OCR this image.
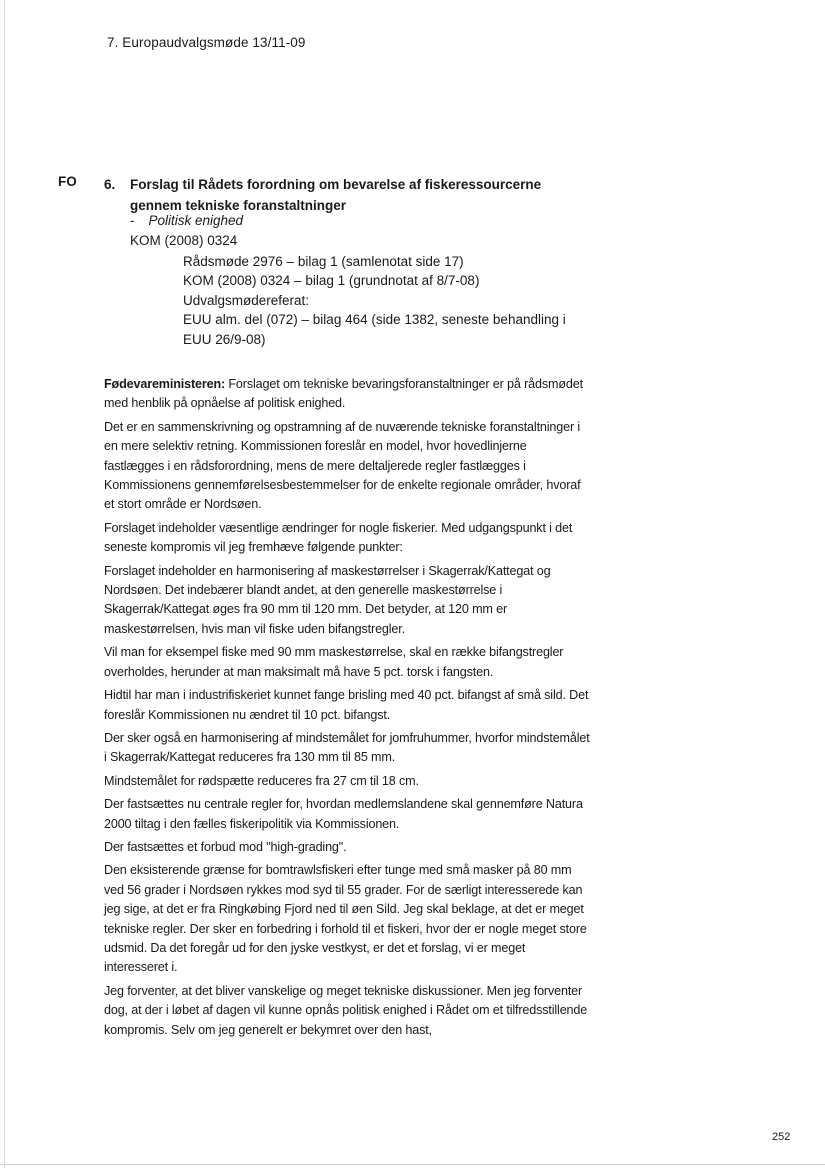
7. Europaudvalgsmøde 13/11-09
FO 6.	Forslag til Rådets forordning om bevarelse af fiskeressourcerne gennem tekniske foranstaltninger
- Politisk enighed
KOM (2008) 0324
Rådsmøde 2976 – bilag 1 (samlenotat side 17)
KOM (2008) 0324 – bilag 1 (grundnotat af 8/7-08)
Udvalgsmødereferat:
EUU alm. del (072) – bilag 464 (side 1382, seneste behandling i
EUU 26/9-08)

Fødevareministeren: Forslaget om tekniske bevaringsforanstaltninger er på rådsmødet med henblik på opnåelse af politisk enighed.

Det er en sammenskrivning og opstramning af de nuværende tekniske foranstaltninger i en mere selektiv retning. Kommissionen foreslår en model, hvor hovedlinjerne fastlægges i en rådsforordning, mens de mere deltaljerede regler fastlægges i Kommissionens gennemførelsesbestemmelser for de enkelte regionale områder, hvoraf et stort område er Nordsøen.

Forslaget indeholder væsentlige ændringer for nogle fiskerier. Med udgangspunkt i det seneste kompromis vil jeg fremhæve følgende punkter:

Forslaget indeholder en harmonisering af maskestørrelser i Skagerrak/Kattegat og Nordsøen. Det indebærer blandt andet, at den generelle maskestørrelse i Skagerrak/Kattegat øges fra 90 mm til 120 mm. Det betyder, at 120 mm er maskestørrelsen, hvis man vil fiske uden bifangstregler.

Vil man for eksempel fiske med 90 mm maskestørrelse, skal en række bifangstregler overholdes, herunder at man maksimalt må have 5 pct. torsk i fangsten.

Hidtil har man i industrifiskeriet kunnet fange brisling med 40 pct. bifangst af små sild. Det foreslår Kommissionen nu ændret til 10 pct. bifangst.

Der sker også en harmonisering af mindstemålet for jomfruhummer, hvorfor mindstemålet i Skagerrak/Kattegat reduceres fra 130 mm til 85 mm.

Mindstemålet for rødspætte reduceres fra 27 cm til 18 cm.

Der fastsættes nu centrale regler for, hvordan medlemslandene skal gennemføre Natura 2000 tiltag i den fælles fiskeripolitik via Kommissionen.

Der fastsættes et forbud mod "high-grading".

Den eksisterende grænse for bomtrawlsfiskeri efter tunge med små masker på 80 mm ved 56 grader i Nordsøen rykkes mod syd til 55 grader. For de særligt interesserede kan jeg sige, at det er fra Ringkøbing Fjord ned til øen Sild. Jeg skal beklage, at det er meget tekniske regler. Der sker en forbedring i forhold til et fiskeri, hvor der er nogle meget store udsmid. Da det foregår ud for den jyske vestkyst, er det et forslag, vi er meget interesseret i.

Jeg forventer, at det bliver vanskelige og meget tekniske diskussioner. Men jeg forventer dog, at der i løbet af dagen vil kunne opnås politisk enighed i Rådet om et tilfredsstillende kompromis. Selv om jeg generelt er bekymret over den hast,

252
